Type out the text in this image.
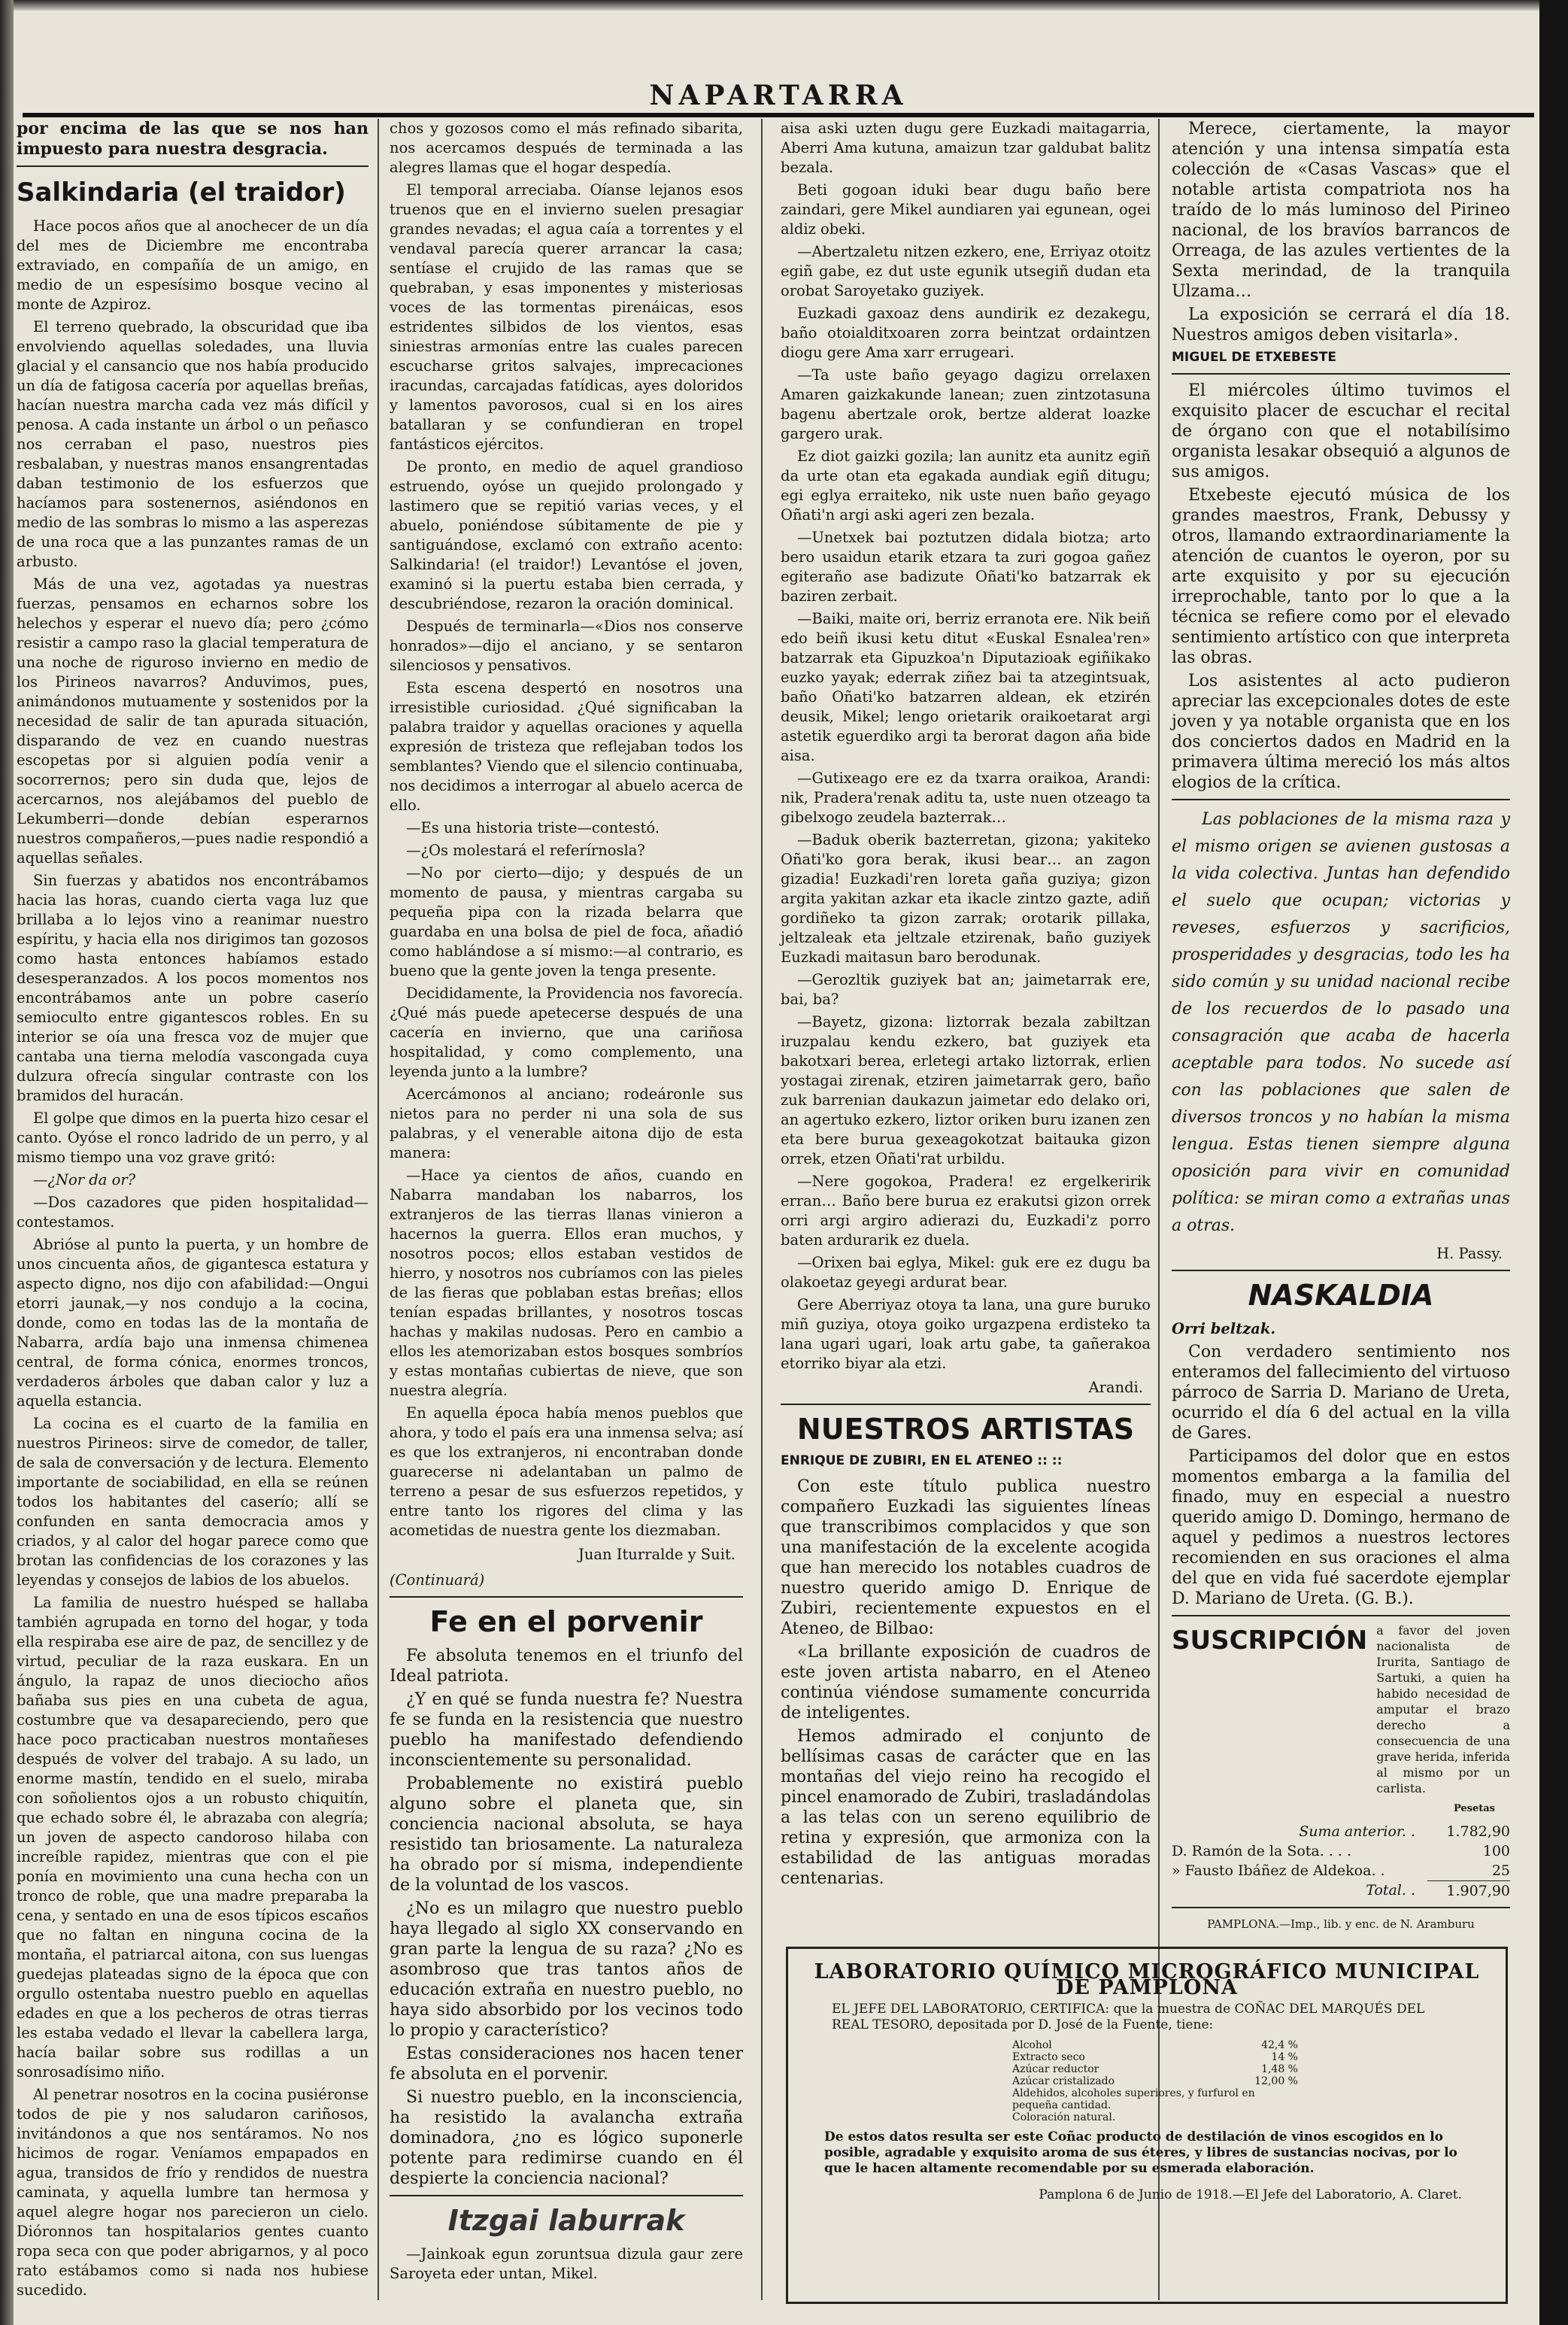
NAPARTARRA

por encima de las que se nos han impuesto para nuestra desgracia.

Salkindaria (el traidor)

Hace pocos años que al anochecer de un día del mes de Diciembre me encontraba extraviado, en compañía de un amigo, en medio de un espesísimo bosque vecino al monte de Azpiroz.

El terreno quebrado, la obscuridad que iba envolviendo aquellas soledades, una lluvia glacial y el cansancio que nos había producido un día de fatigosa cacería por aquellas breñas, hacían nuestra marcha cada vez más difícil y penosa. A cada instante un árbol o un peñasco nos cerraban el paso, nuestros pies resbalaban, y nuestras manos ensangrentadas daban testimonio de los esfuerzos que hacíamos para sostenernos, asiéndonos en medio de las sombras lo mismo a las asperezas de una roca que a las punzantes ramas de un arbusto.

Más de una vez, agotadas ya nuestras fuerzas, pensamos en echarnos sobre los helechos y esperar el nuevo día; pero ¿cómo resistir a campo raso la glacial temperatura de una noche de riguroso invierno en medio de los Pirineos navarros? Anduvimos, pues, animándonos mutuamente y sostenidos por la necesidad de salir de tan apurada situación, disparando de vez en cuando nuestras escopetas por si alguien podía venir a socorrernos; pero sin duda que, lejos de acercarnos, nos alejábamos del pueblo de Lekumberri—donde debían esperarnos nuestros compañeros,—pues nadie respondió a aquellas señales.

Sin fuerzas y abatidos nos encontrábamos hacia las horas, cuando cierta vaga luz que brillaba a lo lejos vino a reanimar nuestro espíritu, y hacia ella nos dirigimos tan gozosos como hasta entonces habíamos estado desesperanzados. A los pocos momentos nos encontrábamos ante un pobre caserío semioculto entre gigantescos robles. En su interior se oía una fresca voz de mujer que cantaba una tierna melodía vascongada cuya dulzura ofrecía singular contraste con los bramidos del huracán.

El golpe que dimos en la puerta hizo cesar el canto. Oyóse el ronco ladrido de un perro, y al mismo tiempo una voz grave gritó:

—¿Nor da or?

—Dos cazadores que piden hospitalidad—contestamos.

Abrióse al punto la puerta, y un hombre de unos cincuenta años, de gigantesca estatura y aspecto digno, nos dijo con afabilidad:—Ongui etorri jaunak,—y nos condujo a la cocina, donde, como en todas las de la montaña de Nabarra, ardía bajo una inmensa chimenea central, de forma cónica, enormes troncos, verdaderos árboles que daban calor y luz a aquella estancia.

La cocina es el cuarto de la familia en nuestros Pirineos: sirve de comedor, de taller, de sala de conversación y de lectura. Elemento importante de sociabilidad, en ella se reúnen todos los habitantes del caserío; allí se confunden en santa democracia amos y criados, y al calor del hogar parece como que brotan las confidencias de los corazones y las leyendas y consejos de labios de los abuelos.

La familia de nuestro huésped se hallaba también agrupada en torno del hogar, y toda ella respiraba ese aire de paz, de sencillez y de virtud, peculiar de la raza euskara. En un ángulo, la rapaz de unos dieciocho años bañaba sus pies en una cubeta de agua, costumbre que va desapareciendo, pero que hace poco practicaban nuestros montañeses después de volver del trabajo. A su lado, un enorme mastín, tendido en el suelo, miraba con soñolientos ojos a un robusto chiquitín, que echado sobre él, le abrazaba con alegría; un joven de aspecto candoroso hilaba con increíble rapidez, mientras que con el pie ponía en movimiento una cuna hecha con un tronco de roble, que una madre preparaba la cena, y sentado en una de esos típicos escaños que no faltan en ninguna cocina de la montaña, el patriarcal aitona, con sus luengas guedejas plateadas signo de la época que con orgullo ostentaba nuestro pueblo en aquellas edades en que a los pecheros de otras tierras les estaba vedado el llevar la cabellera larga, hacía bailar sobre sus rodillas a un sonrosadísimo niño.

Al penetrar nosotros en la cocina pusiéronse todos de pie y nos saludaron cariñosos, invitándonos a que nos sentáramos. No nos hicimos de rogar. Veníamos empapados en agua, transidos de frío y rendidos de nuestra caminata, y aquella lumbre tan hermosa y aquel alegre hogar nos parecieron un cielo. Dióronnos tan hospitalarios gentes cuanto ropa seca con que poder abrigarnos, y al poco rato estábamos como si nada nos hubiese sucedido.

chos y gozosos como el más refinado sibarita, nos acercamos después de terminada a las alegres llamas que el hogar despedía.

El temporal arreciaba. Oíanse lejanos esos truenos que en el invierno suelen presagiar grandes nevadas; el agua caía a torrentes y el vendaval parecía querer arrancar la casa; sentíase el crujido de las ramas que se quebraban, y esas imponentes y misteriosas voces de las tormentas pirenáicas, esos estridentes silbidos de los vientos, esas siniestras armonías entre las cuales parecen escucharse gritos salvajes, imprecaciones iracundas, carcajadas fatídicas, ayes doloridos y lamentos pavorosos, cual si en los aires batallaran y se confundieran en tropel fantásticos ejércitos.

De pronto, en medio de aquel grandioso estruendo, oyóse un quejido prolongado y lastimero que se repitió varias veces, y el abuelo, poniéndose súbitamente de pie y santiguándose, exclamó con extraño acento: Salkindaria! (el traidor!) Levantóse el joven, examinó si la puertu estaba bien cerrada, y descubriéndose, rezaron la oración dominical.

Después de terminarla—«Dios nos conserve honrados»—dijo el anciano, y se sentaron silenciosos y pensativos.

Esta escena despertó en nosotros una irresistible curiosidad. ¿Qué significaban la palabra traidor y aquellas oraciones y aquella expresión de tristeza que reflejaban todos los semblantes? Viendo que el silencio continuaba, nos decidimos a interrogar al abuelo acerca de ello.

—Es una historia triste—contestó.

—¿Os molestará el referírnosla?

—No por cierto—dijo; y después de un momento de pausa, y mientras cargaba su pequeña pipa con la rizada belarra que guardaba en una bolsa de piel de foca, añadió como hablándose a sí mismo:—al contrario, es bueno que la gente joven la tenga presente.

Decididamente, la Providencia nos favorecía. ¿Qué más puede apetecerse después de una cacería en invierno, que una cariñosa hospitalidad, y como complemento, una leyenda junto a la lumbre?

Acercámonos al anciano; rodeáronle sus nietos para no perder ni una sola de sus palabras, y el venerable aitona dijo de esta manera:

—Hace ya cientos de años, cuando en Nabarra mandaban los nabarros, los extranjeros de las tierras llanas vinieron a hacernos la guerra. Ellos eran muchos, y nosotros pocos; ellos estaban vestidos de hierro, y nosotros nos cubríamos con las pieles de las fieras que poblaban estas breñas; ellos tenían espadas brillantes, y nosotros toscas hachas y makilas nudosas. Pero en cambio a ellos les atemorizaban estos bosques sombríos y estas montañas cubiertas de nieve, que son nuestra alegría.

En aquella época había menos pueblos que ahora, y todo el país era una inmensa selva; así es que los extranjeros, ni encontraban donde guarecerse ni adelantaban un palmo de terreno a pesar de sus esfuerzos repetidos, y entre tanto los rigores del clima y las acometidas de nuestra gente los diezmaban.

Juan Iturralde y Suit.

(Continuará)

Fe en el porvenir

Fe absoluta tenemos en el triunfo del Ideal patriota.

¿Y en qué se funda nuestra fe? Nuestra fe se funda en la resistencia que nuestro pueblo ha manifestado defendiendo inconscientemente su personalidad.

Probablemente no existirá pueblo alguno sobre el planeta que, sin conciencia nacional absoluta, se haya resistido tan briosamente. La naturaleza ha obrado por sí misma, independiente de la voluntad de los vascos.

¿No es un milagro que nuestro pueblo haya llegado al siglo XX conservando en gran parte la lengua de su raza? ¿No es asombroso que tras tantos años de educación extraña en nuestro pueblo, no haya sido absorbido por los vecinos todo lo propio y característico?

Estas consideraciones nos hacen tener fe absoluta en el porvenir.

Si nuestro pueblo, en la inconsciencia, ha resistido la avalancha extraña dominadora, ¿no es lógico suponerle potente para redimirse cuando en él despierte la conciencia nacional?

Itzgai laburrak

—Jainkoak egun zoruntsua dizula gaur zere Saroyeta eder untan, Mikel.

aisa aski uzten dugu gere Euzkadi maitagarria, Aberri Ama kutuna, amaizun tzar galdubat balitz bezala.

Beti gogoan iduki bear dugu baño bere zaindari, gere Mikel aundiaren yai egunean, ogei aldiz obeki.

—Abertzaletu nitzen ezkero, ene, Erriyaz otoitz egiñ gabe, ez dut uste egunik utsegiñ dudan eta orobat Saroyetako guziyek.

Euzkadi gaxoaz dens aundirik ez dezakegu, baño otoialditxoaren zorra beintzat ordaintzen diogu gere Ama xarr errugeari.

—Ta uste baño geyago dagizu orrelaxen Amaren gaizkakunde lanean; zuen zintzotasuna bagenu abertzale orok, bertze alderat loazke gargero urak.

Ez diot gaizki gozila; lan aunitz eta aunitz egiñ da urte otan eta egakada aundiak egiñ ditugu; egi eglya erraiteko, nik uste nuen baño geyago Oñati'n argi aski ageri zen bezala.

—Unetxek bai poztutzen didala biotza; arto bero usaidun etarik etzara ta zuri gogoa gañez egiteraño ase badizute Oñati'ko batzarrak ek baziren zerbait.

—Baiki, maite ori, berriz erranota ere. Nik beiñ edo beiñ ikusi ketu ditut «Euskal Esnalea'ren» batzarrak eta Gipuzkoa'n Diputazioak egiñikako euzko yayak; ederrak ziñez bai ta atzegintsuak, baño Oñati'ko batzarren aldean, ek etzirén deusik, Mikel; lengo orietarik oraikoetarat argi astetik eguerdiko argi ta berorat dagon aña bide aisa.

—Gutixeago ere ez da txarra oraikoa, Arandi: nik, Pradera'renak aditu ta, uste nuen otzeago ta gibelxogo zeudela bazterrak…

—Baduk oberik bazterretan, gizona; yakiteko Oñati'ko gora berak, ikusi bear… an zagon gizadia! Euzkadi'ren loreta gaña guziya; gizon argita yakitan azkar eta ikacle zintzo gazte, adiñ gordiñeko ta gizon zarrak; orotarik pillaka, jeltzaleak eta jeltzale etzirenak, baño guziyek Euzkadi maitasun baro berodunak.

—Gerozltik guziyek bat an; jaimetarrak ere, bai, ba?

—Bayetz, gizona: liztorrak bezala zabiltzan iruzpalau kendu ezkero, bat guziyek eta bakotxari berea, erletegi artako liztorrak, erlien yostagai zirenak, etziren jaimetarrak gero, baño zuk barrenian daukazun jaimetar edo delako ori, an agertuko ezkero, liztor oriken buru izanen zen eta bere burua gexeagokotzat baitauka gizon orrek, etzen Oñati'rat urbildu.

—Nere gogokoa, Pradera! ez ergelkeririk erran… Baño bere burua ez erakutsi gizon orrek orri argi argiro adierazi du, Euzkadi'z porro baten ardurarik ez duela.

—Orixen bai eglya, Mikel: guk ere ez dugu ba olakoetaz geyegi ardurat bear.

Gere Aberriyaz otoya ta lana, una gure buruko miñ guziya, otoya goiko urgazpena erdisteko ta lana ugari ugari, loak artu gabe, ta gañerakoa etorriko biyar ala etzi.

Arandi.

NUESTROS ARTISTAS
ENRIQUE DE ZUBIRI, EN EL ATENEO :: ::

Con este título publica nuestro compañero Euzkadi las siguientes líneas que transcribimos complacidos y que son una manifestación de la excelente acogida que han merecido los notables cuadros de nuestro querido amigo D. Enrique de Zubiri, recientemente expuestos en el Ateneo, de Bilbao:

«La brillante exposición de cuadros de este joven artista nabarro, en el Ateneo continúa viéndose sumamente concurrida de inteligentes.

Hemos admirado el conjunto de bellísimas casas de carácter que en las montañas del viejo reino ha recogido el pincel enamorado de Zubiri, trasladándolas a las telas con un sereno equilibrio de retina y expresión, que armoniza con la estabilidad de las antiguas moradas centenarias.

Merece, ciertamente, la mayor atención y una intensa simpatía esta colección de «Casas Vascas» que el notable artista compatriota nos ha traído de lo más luminoso del Pirineo nacional, de los bravíos barrancos de Orreaga, de las azules vertientes de la Sexta merindad, de la tranquila Ulzama…

La exposición se cerrará el día 18. Nuestros amigos deben visitarla».

MIGUEL DE ETXEBESTE

El miércoles último tuvimos el exquisito placer de escuchar el recital de órgano con que el notabilísimo organista lesakar obsequió a algunos de sus amigos.

Etxebeste ejecutó música de los grandes maestros, Frank, Debussy y otros, llamando extraordinariamente la atención de cuantos le oyeron, por su arte exquisito y por su ejecución irreprochable, tanto por lo que a la técnica se refiere como por el elevado sentimiento artístico con que interpreta las obras.

Los asistentes al acto pudieron apreciar las excepcionales dotes de este joven y ya notable organista que en los dos conciertos dados en Madrid en la primavera última mereció los más altos elogios de la crítica.

Las poblaciones de la misma raza y el mismo origen se avienen gustosas a la vida colectiva. Juntas han defendido el suelo que ocupan; victorias y reveses, esfuerzos y sacrificios, prosperidades y desgracias, todo les ha sido común y su unidad nacional recibe de los recuerdos de lo pasado una consagración que acaba de hacerla aceptable para todos. No sucede así con las poblaciones que salen de diversos troncos y no habían la misma lengua. Estas tienen siempre alguna oposición para vivir en comunidad política: se miran como a extrañas unas a otras.

H. Passy.

NASKALDIA

Orri beltzak.

Con verdadero sentimiento nos enteramos del fallecimiento del virtuoso párroco de Sarria D. Mariano de Ureta, ocurrido el día 6 del actual en la villa de Gares.

Participamos del dolor que en estos momentos embarga a la familia del finado, muy en especial a nuestro querido amigo D. Domingo, hermano de aquel y pedimos a nuestros lectores recomienden en sus oraciones el alma del que en vida fué sacerdote ejemplar D. Mariano de Ureta. (G. B.).

SUSCRIPCIÓN a favor del joven nacionalista de Irurita, Santiago de Sartuki, a quien ha habido necesidad de amputar el brazo derecho a consecuencia de una grave herida, inferida al mismo por un carlista.

Pesetas

Suma anterior. .	1.782,90
D. Ramón de la Sota. . . .	100
» Fausto Ibáñez de Aldekoa. .	25
Total. .	1.907,90

PAMPLONA.—Imp., lib. y enc. de N. Aramburu

LABORATORIO QUÍMICO MICROGRÁFICO MUNICIPAL DE PAMPLONA

EL JEFE DEL LABORATORIO, CERTIFICA: que la muestra de COÑAC DEL MARQUÉS DEL REAL TESORO, depositada por D. José de la Fuente, tiene:

Alcohol	42,4 %
Extracto seco	14 %
Azúcar reductor	1,48 %
Azúcar cristalizado	12,00 %
Aldehidos, alcoholes superiores, y furfurol en pequeña cantidad.
Coloración natural.

De estos datos resulta ser este Coñac producto de destilación de vinos escogidos en lo posible, agradable y exquisito aroma de sus éteres, y libres de sustancias nocivas, por lo que le hacen altamente recomendable por su esmerada elaboración.

Pamplona 6 de Junio de 1918.—El Jefe del Laboratorio, A. Claret.
